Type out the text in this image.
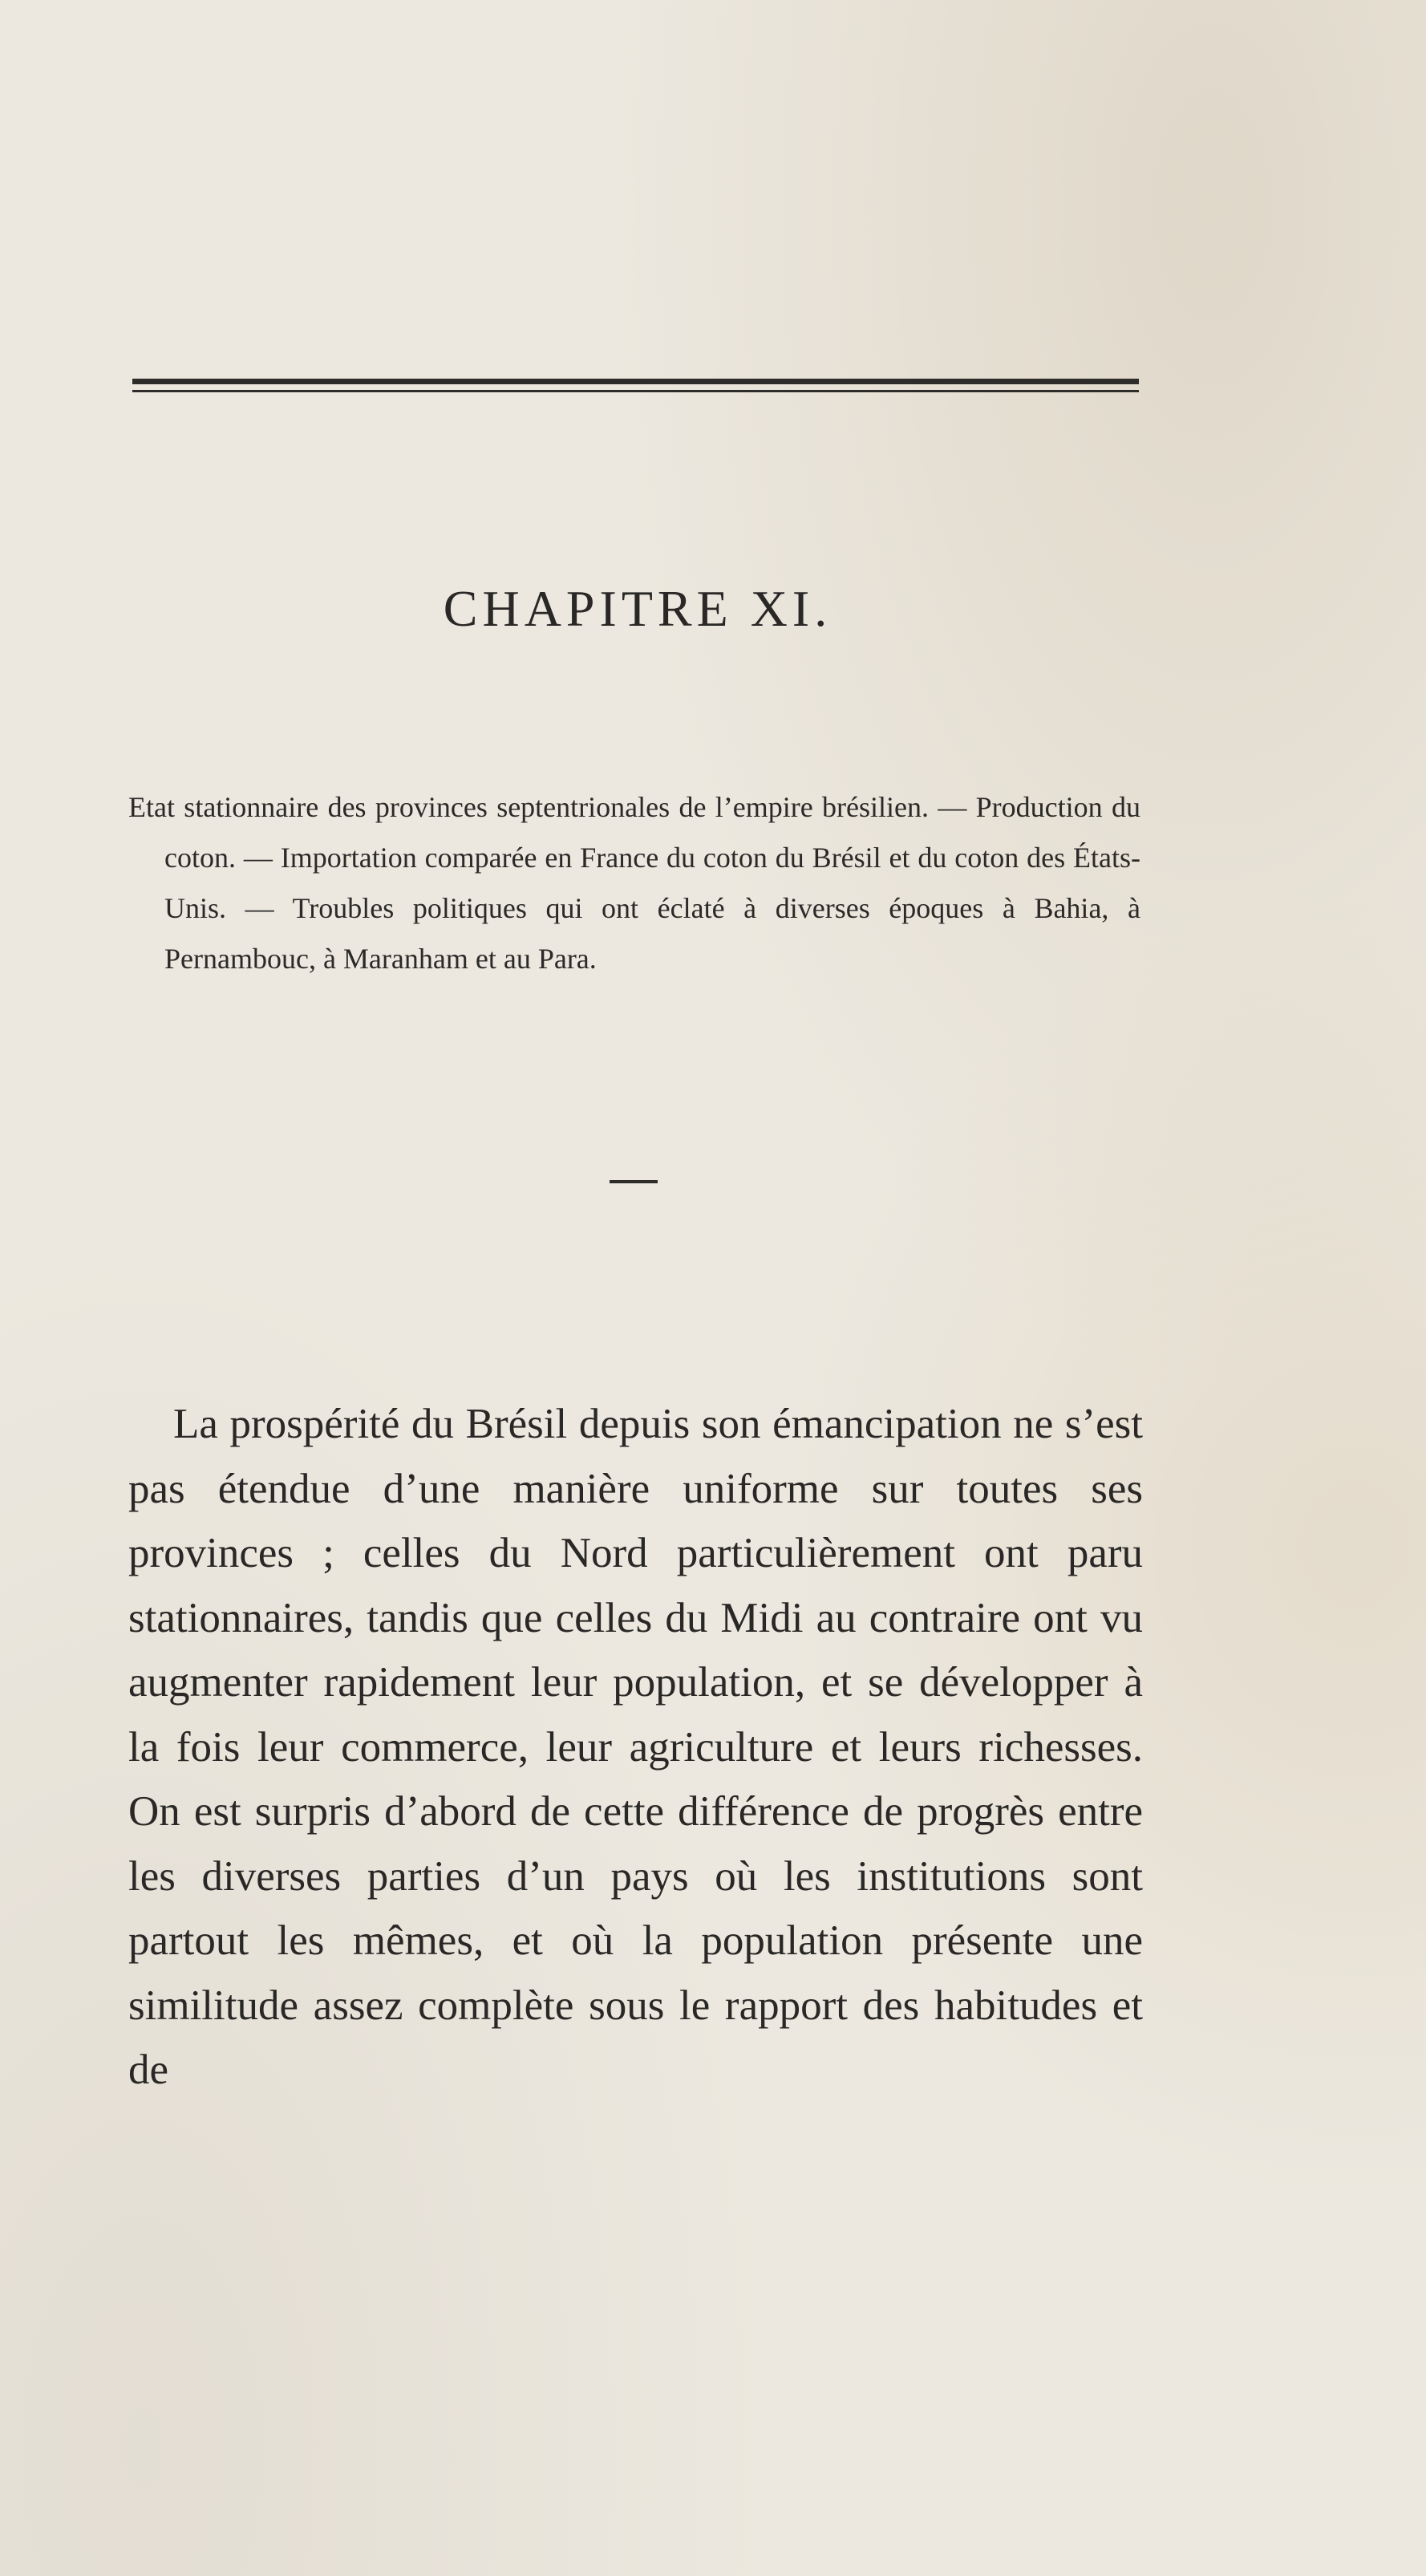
CHAPITRE XI.

Etat stationnaire des provinces septentrionales de l’empire brésilien. — Production du coton. — Importation comparée en France du coton du Brésil et du coton des États-Unis. — Troubles politiques qui ont éclaté à diverses époques à Bahia, à Pernambouc, à Maranham et au Para.

La prospérité du Brésil depuis son émancipation ne s’est pas étendue d’une manière uniforme sur toutes ses provinces ; celles du Nord particulièrement ont paru stationnaires, tandis que celles du Midi au contraire ont vu augmenter rapidement leur population, et se développer à la fois leur commerce, leur agriculture et leurs richesses. On est surpris d’abord de cette différence de progrès entre les diverses parties d’un pays où les institutions sont partout les mêmes, et où la population présente une similitude assez complète sous le rapport des habitudes et de
